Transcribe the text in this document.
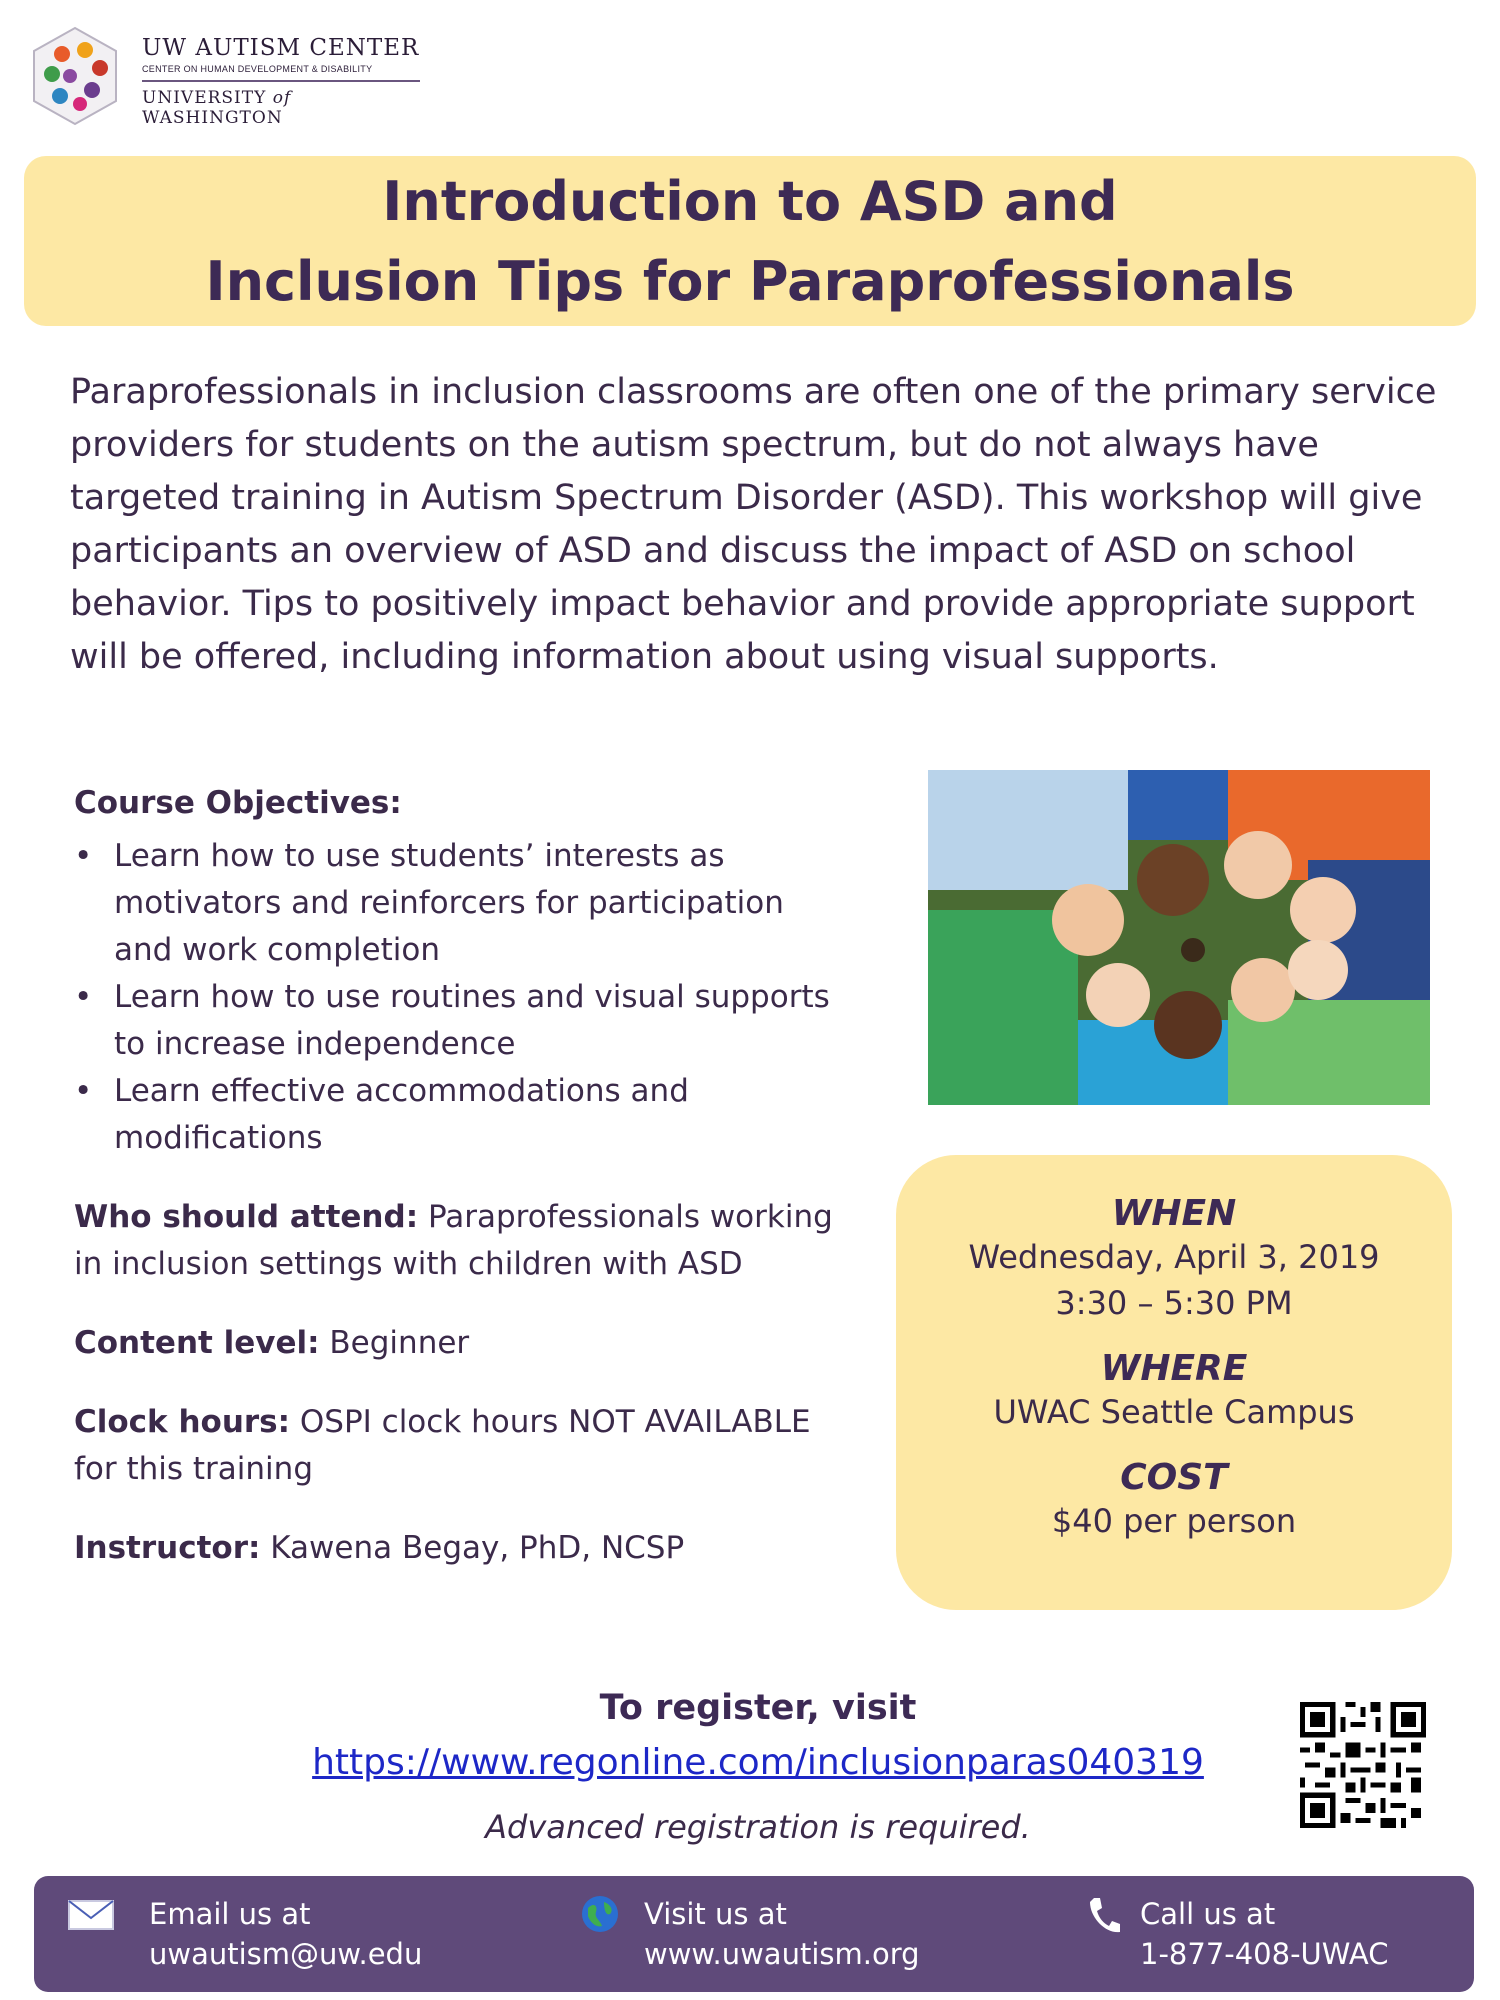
UW AUTISM CENTER
CENTER ON HUMAN DEVELOPMENT & DISABILITY
UNIVERSITY of WASHINGTON
Introduction to ASD and
Inclusion Tips for Paraprofessionals

Paraprofessionals in inclusion classrooms are often one of the primary service providers for students on the autism spectrum, but do not always have targeted training in Autism Spectrum Disorder (ASD). This workshop will give participants an overview of ASD and discuss the impact of ASD on school behavior. Tips to positively impact behavior and provide appropriate support will be offered, including information about using visual supports.

Course Objectives:
• Learn how to use students’ interests as motivators and reinforcers for participation and work completion
• Learn how to use routines and visual supports to increase independence
• Learn effective accommodations and modifications
Who should attend: Paraprofessionals working in inclusion settings with children with ASD
Content level: Beginner
Clock hours: OSPI clock hours NOT AVAILABLE for this training
Instructor: Kawena Begay, PhD, NCSP
WHEN
Wednesday, April 3, 2019
3:30 – 5:30 PM
WHERE
UWAC Seattle Campus
COST
$40 per person
To register, visit
https://www.regonline.com/inclusionparas040319
Advanced registration is required.
Email us at
uwautism@uw.edu
Visit us at
www.uwautism.org
Call us at
1-877-408-UWAC
